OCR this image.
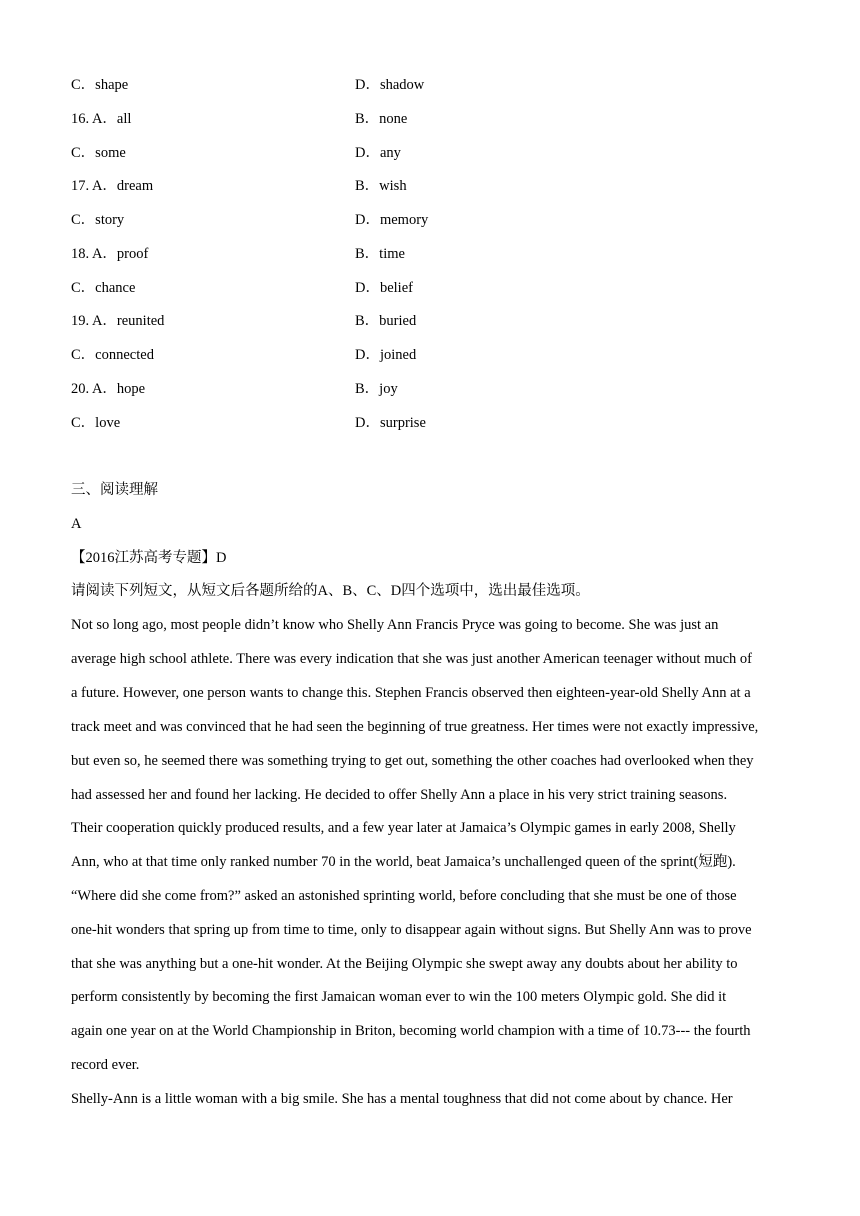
C．shape	D．shadow
16. A．all	B．none
C．some	D．any
17. A．dream	B．wish
C．story	D．memory
18. A．proof	B．time
C．chance	D．belief
19. A．reunited	B．buried
C．connected	D．joined
20. A．hope	B．joy
C．love	D．surprise
三、阅读理解
A
【2016江苏高考专题】D
请阅读下列短文，从短文后各题所给的A、B、C、D四个选项中，选出最佳选项。
Not so long ago, most people didn’t know who Shelly Ann Francis Pryce was going to become. She was just an
average high school athlete. There was every indication that she was just another American teenager without much of
a future. However, one person wants to change this. Stephen Francis observed then eighteen-year-old Shelly Ann at a
track meet and was convinced that he had seen the beginning of true greatness. Her times were not exactly impressive,
but even so, he seemed there was something trying to get out, something the other coaches had overlooked when they
had assessed her and found her lacking. He decided to offer Shelly Ann a place in his very strict training seasons.
Their cooperation quickly produced results, and a few year later at Jamaica’s Olympic games in early 2008, Shelly
Ann, who at that time only ranked number 70 in the world, beat Jamaica’s unchallenged queen of the sprint(短跑).
“Where did she come from?” asked an astonished sprinting world, before concluding that she must be one of those
one-hit wonders that spring up from time to time, only to disappear again without signs. But Shelly Ann was to prove
that she was anything but a one-hit wonder. At the Beijing Olympic she swept away any doubts about her ability to
perform consistently by becoming the first Jamaican woman ever to win the 100 meters Olympic gold. She did it
again one year on at the World Championship in Briton, becoming world champion with a time of 10.73--- the fourth
record ever.
Shelly-Ann is a little woman with a big smile. She has a mental toughness that did not come about by chance. Her
